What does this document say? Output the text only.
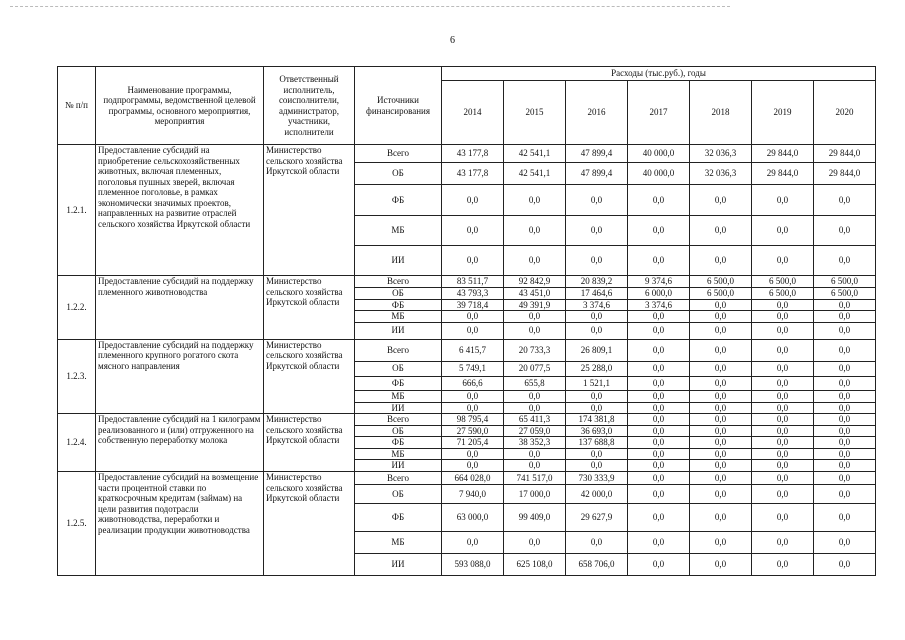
6
№ п/п	Наименование программы, подпрограммы, ведомственной целевой программы, основного мероприятия, мероприятия	Ответственный исполнитель, соисполнители, администратор, участники, исполнители	Источники финансирования	Расходы (тыс.руб.), годы						
				2014	2015	2016	2017	2018	2019	2020
1.2.1.	Предоставление субсидий на приобретение сельскохозяйственных животных, включая племенных, поголовья пушных зверей, включая племенное поголовье, в рамках экономически значимых проектов, направленных на развитие отраслей сельского хозяйства Иркутской области	Министерство сельского хозяйства Иркутской области	Всего	43 177,8	42 541,1	47 899,4	40 000,0	32 036,3	29 844,0	29 844,0
			ОБ	43 177,8	42 541,1	47 899,4	40 000,0	32 036,3	29 844,0	29 844,0
			ФБ	0,0	0,0	0,0	0,0	0,0	0,0	0,0
			МБ	0,0	0,0	0,0	0,0	0,0	0,0	0,0
			ИИ	0,0	0,0	0,0	0,0	0,0	0,0	0,0
1.2.2.	Предоставление субсидий на поддержку племенного животноводства	Министерство сельского хозяйства Иркутской области	Всего	83 511,7	92 842,9	20 839,2	9 374,6	6 500,0	6 500,0	6 500,0
			ОБ	43 793,3	43 451,0	17 464,6	6 000,0	6 500,0	6 500,0	6 500,0
			ФБ	39 718,4	49 391,9	3 374,6	3 374,6	0,0	0,0	0,0
			МБ	0,0	0,0	0,0	0,0	0,0	0,0	0,0
			ИИ	0,0	0,0	0,0	0,0	0,0	0,0	0,0
1.2.3.	Предоставление субсидий на поддержку племенного крупного рогатого скота мясного направления	Министерство сельского хозяйства Иркутской области	Всего	6 415,7	20 733,3	26 809,1	0,0	0,0	0,0	0,0
			ОБ	5 749,1	20 077,5	25 288,0	0,0	0,0	0,0	0,0
			ФБ	666,6	655,8	1 521,1	0,0	0,0	0,0	0,0
			МБ	0,0	0,0	0,0	0,0	0,0	0,0	0,0
			ИИ	0,0	0,0	0,0	0,0	0,0	0,0	0,0
1.2.4.	Предоставление субсидий на 1 килограмм реализованного и (или) отгруженного на собственную переработку молока	Министерство сельского хозяйства Иркутской области	Всего	98 795,4	65 411,3	174 381,8	0,0	0,0	0,0	0,0
			ОБ	27 590,0	27 059,0	36 693,0	0,0	0,0	0,0	0,0
			ФБ	71 205,4	38 352,3	137 688,8	0,0	0,0	0,0	0,0
			МБ	0,0	0,0	0,0	0,0	0,0	0,0	0,0
			ИИ	0,0	0,0	0,0	0,0	0,0	0,0	0,0
1.2.5.	Предоставление субсидий на возмещение части процентной ставки по краткосрочным кредитам (займам) на цели развития подотрасли животноводства, переработки и реализации продукции животноводства	Министерство сельского хозяйства Иркутской области	Всего	664 028,0	741 517,0	730 333,9	0,0	0,0	0,0	0,0
			ОБ	7 940,0	17 000,0	42 000,0	0,0	0,0	0,0	0,0
			ФБ	63 000,0	99 409,0	29 627,9	0,0	0,0	0,0	0,0
			МБ	0,0	0,0	0,0	0,0	0,0	0,0	0,0
			ИИ	593 088,0	625 108,0	658 706,0	0,0	0,0	0,0	0,0
